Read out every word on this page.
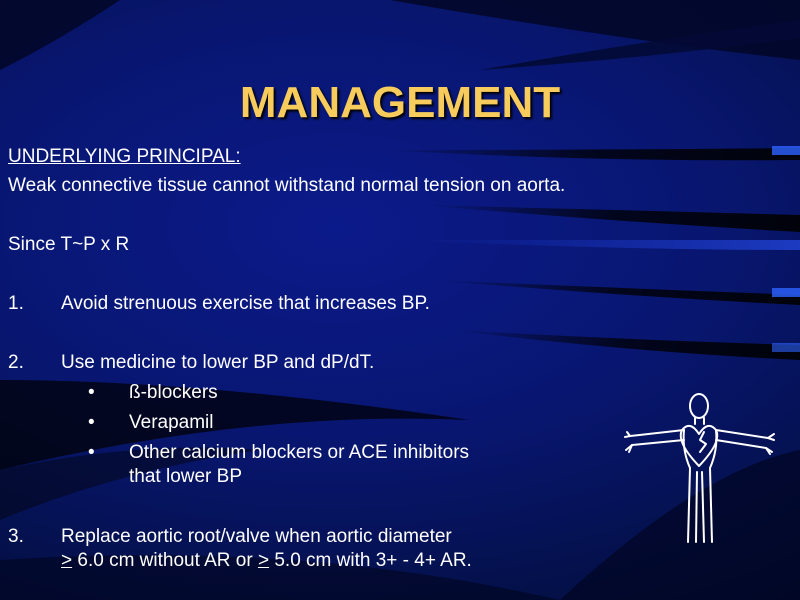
MANAGEMENT
UNDERLYING PRINCIPAL:
Weak connective tissue cannot withstand normal tension on aorta.
Since T~P x R
1. Avoid strenuous exercise that increases BP.
2. Use medicine to lower BP and dP/dT.
• ß-blockers
• Verapamil
• Other calcium blockers or ACE inhibitors
that lower BP
3. Replace aortic root/valve when aortic diameter
≥ 6.0 cm without AR or ≥ 5.0 cm with 3+ - 4+ AR.
